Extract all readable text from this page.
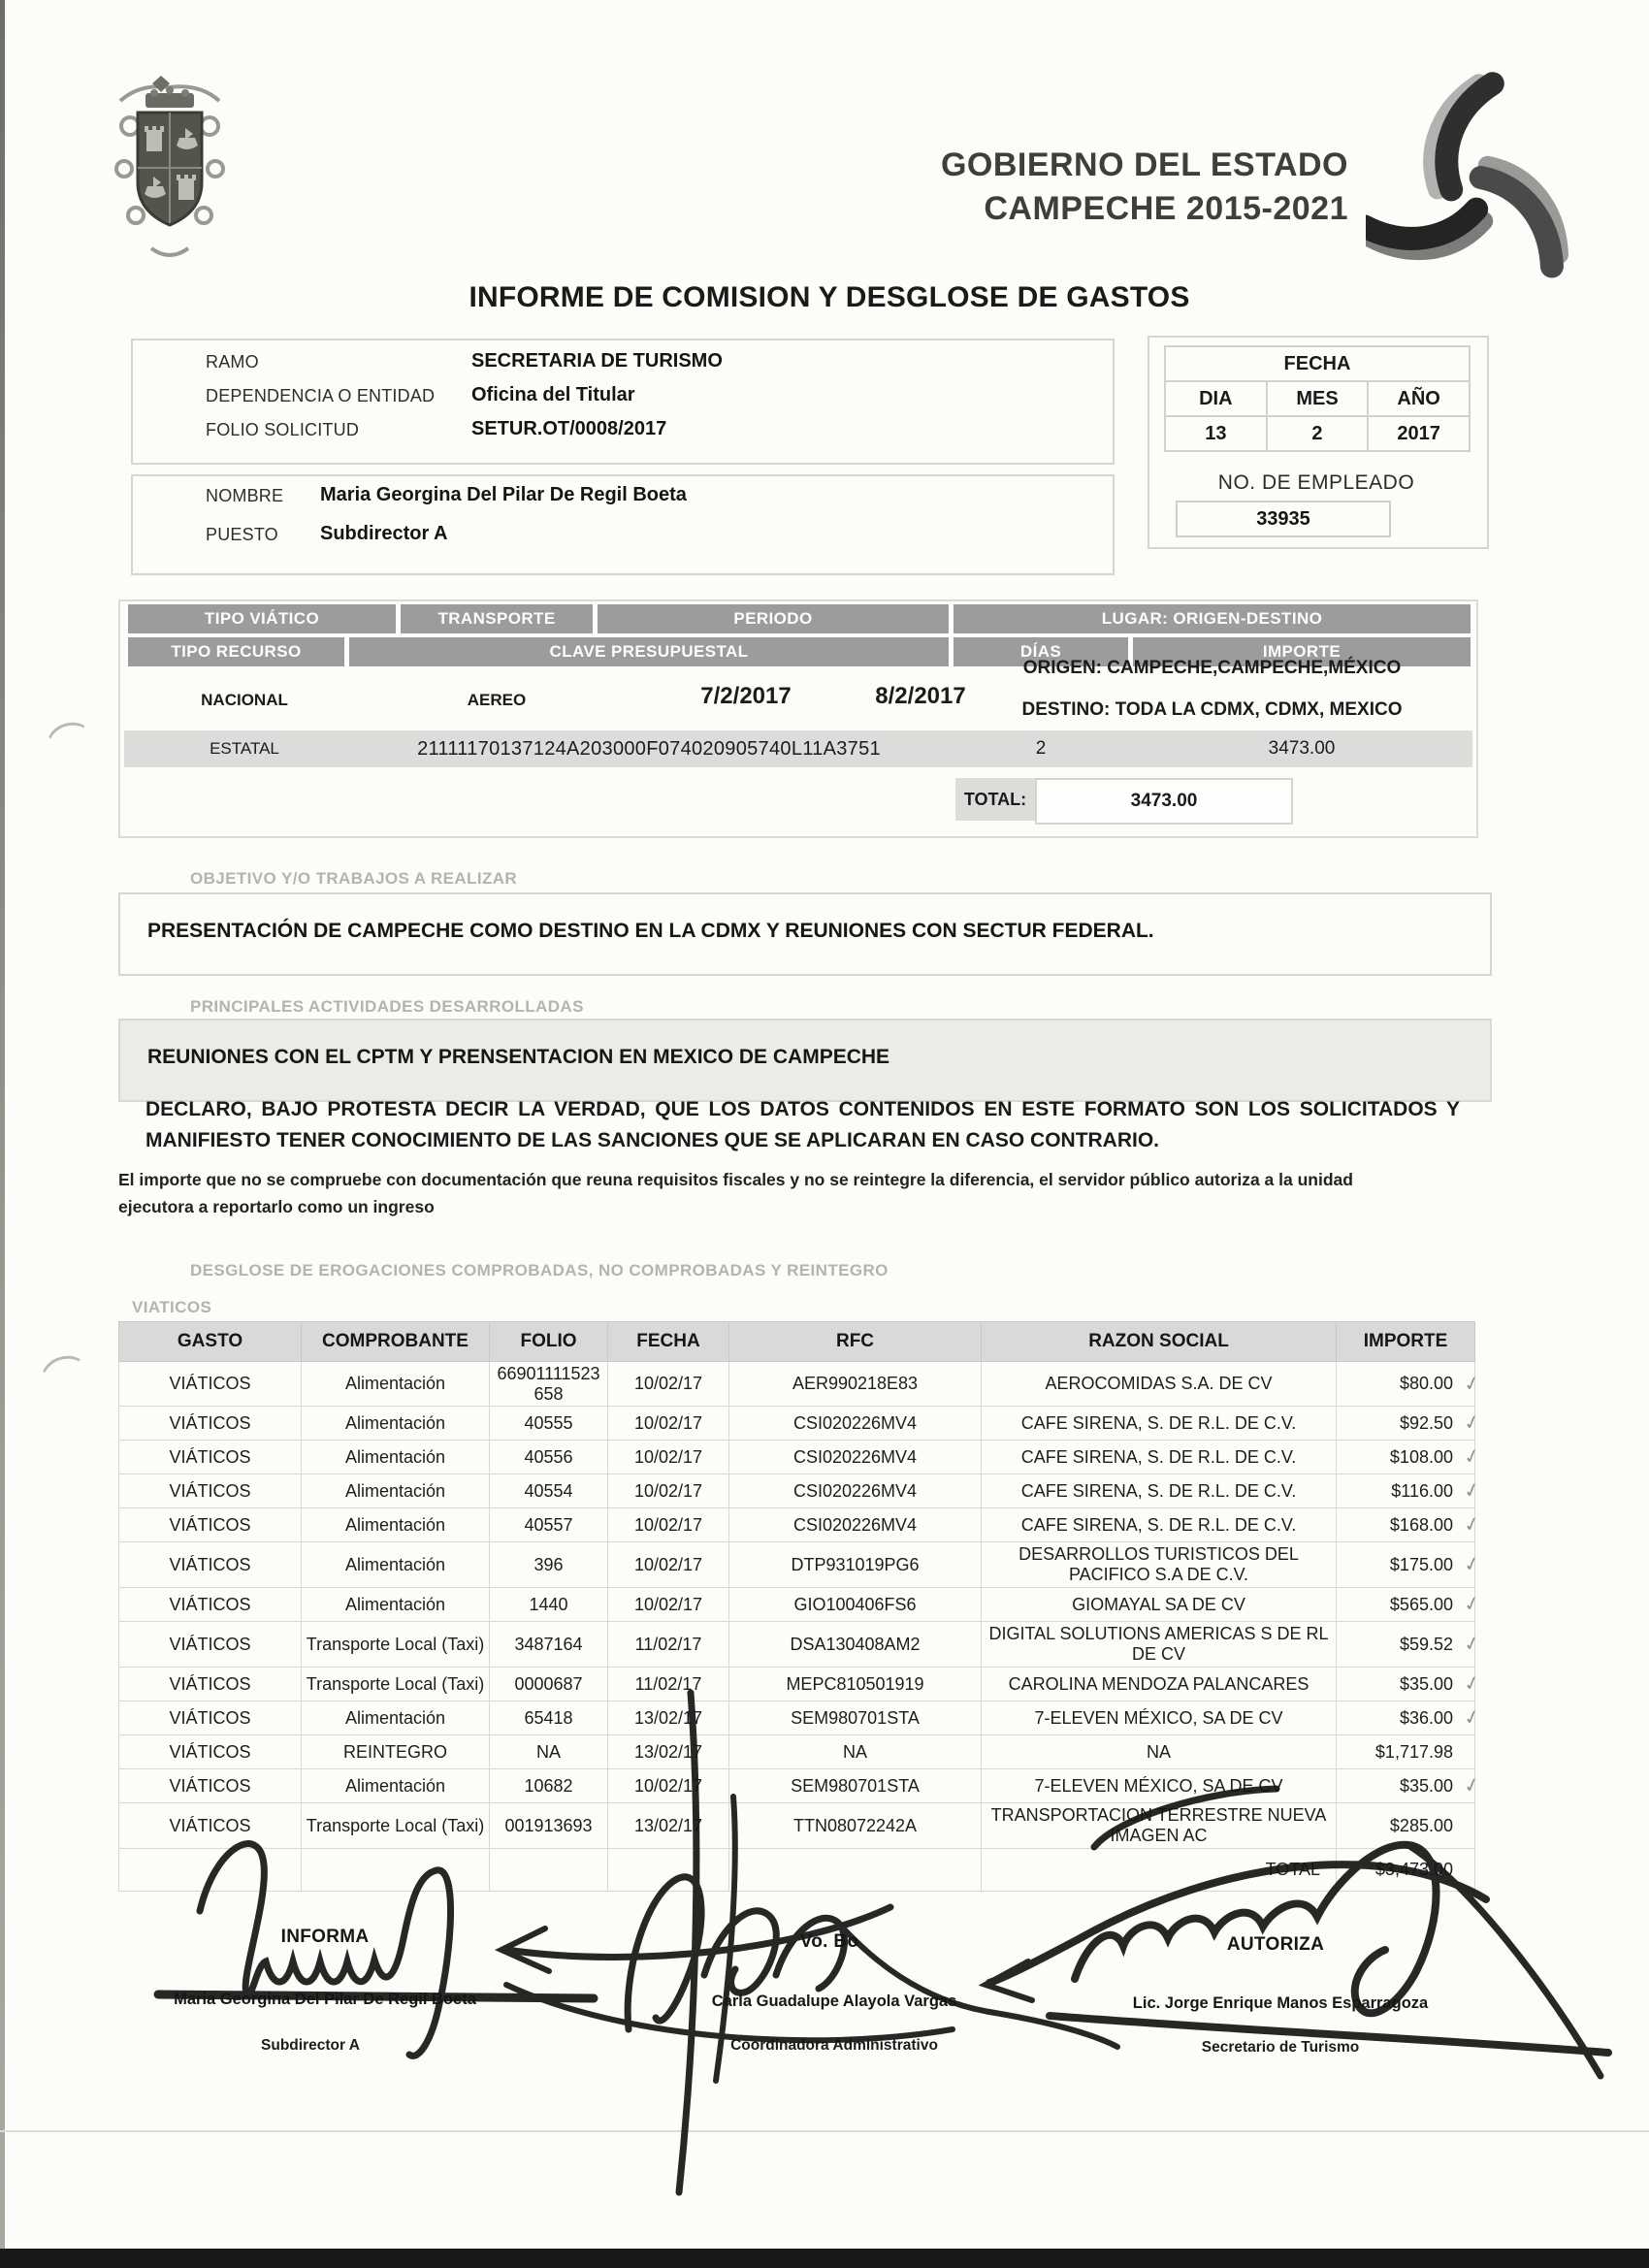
GOBIERNO DEL ESTADO
CAMPECHE 2015-2021
INFORME DE COMISION Y DESGLOSE DE GASTOS
RAMO	SECRETARIA DE TURISMO
DEPENDENCIA O ENTIDAD Oficina del Titular
FOLIO SOLICITUD	SETUR.OT/0008/2017
FECHA		
DIA	MES	AÑO
13	2	2017
NOMBRE Maria Georgina Del Pilar De Regil Boeta
PUESTO Subdirector A
NO. DE EMPLEADO
33935
TIPO VIÁTICO	TRANSPORTE	PERIODO	LUGAR: ORIGEN-DESTINO
TIPO RECURSO	CLAVE PRESUPUESTAL	DÍAS	IMPORTE
NACIONAL	AEREO	7/2/2017	8/2/2017
ORIGEN: CAMPECHE,CAMPECHE,MÉXICO
DESTINO: TODA LA CDMX, CDMX, MEXICO
ESTATAL	21111170137124A203000F074020905740L11A3751	2	3473.00
TOTAL:	3473.00
OBJETIVO Y/O TRABAJOS A REALIZAR
PRESENTACIÓN DE CAMPECHE COMO DESTINO EN LA CDMX Y REUNIONES CON SECTUR FEDERAL.
PRINCIPALES ACTIVIDADES DESARROLLADAS
REUNIONES CON EL CPTM Y PRENSENTACION EN MEXICO DE CAMPECHE
DECLARO, BAJO PROTESTA DECIR LA VERDAD, QUE LOS DATOS CONTENIDOS EN ESTE FORMATO SON LOS SOLICITADOS Y MANIFIESTO TENER CONOCIMIENTO DE LAS SANCIONES QUE SE APLICARAN EN CASO CONTRARIO.
El importe que no se compruebe con documentación que reuna requisitos fiscales y no se reintegre la diferencia, el servidor público autoriza a la unidad ejecutora a reportarlo como un ingreso
DESGLOSE DE EROGACIONES COMPROBADAS, NO COMPROBADAS Y REINTEGRO
VIATICOS
GASTO	COMPROBANTE	FOLIO	FECHA	RFC	RAZON SOCIAL	IMPORTE
VIÁTICOS	Alimentación	66901111523658	10/02/17	AER990218E83	AEROCOMIDAS S.A. DE CV	$80.00 ✓

VIÁTICOS	Alimentación	40555	10/02/17	CSI020226MV4	CAFE SIRENA, S. DE R.L. DE C.V.	$92.50 ✓

VIÁTICOS	Alimentación	40556	10/02/17	CSI020226MV4	CAFE SIRENA, S. DE R.L. DE C.V.	$108.00 ✓

VIÁTICOS	Alimentación	40554	10/02/17	CSI020226MV4	CAFE SIRENA, S. DE R.L. DE C.V.	$116.00 ✓

VIÁTICOS	Alimentación	40557	10/02/17	CSI020226MV4	CAFE SIRENA, S. DE R.L. DE C.V.	$168.00 ✓

VIÁTICOS	Alimentación	396	10/02/17	DTP931019PG6	DESARROLLOS TURISTICOS DEL PACIFICO S.A DE C.V.	$175.00 ✓

VIÁTICOS	Alimentación	1440	10/02/17	GIO100406FS6	GIOMAYAL SA DE CV	$565.00 ✓

VIÁTICOS	Transporte Local (Taxi)	3487164	11/02/17	DSA130408AM2	DIGITAL SOLUTIONS AMERICAS S DE RL DE CV	$59.52 ✓

VIÁTICOS	Transporte Local (Taxi)	0000687	11/02/17	MEPC810501919	CAROLINA MENDOZA PALANCARES	$35.00 ✓

VIÁTICOS	Alimentación	65418	13/02/17	SEM980701STA	7-ELEVEN MÉXICO, SA DE CV	$36.00 ✓

VIÁTICOS	REINTEGRO	NA	13/02/17	NA	NA	$1,717.98

VIÁTICOS	Alimentación	10682	10/02/17	SEM980701STA	7-ELEVEN MÉXICO, SA DE CV	$35.00 ✓

VIÁTICOS	Transporte Local (Taxi)	001913693	13/02/17	TTN08072242A	TRANSPORTACION TERRESTRE NUEVA IMAGEN AC	$285.00

					TOTAL	$3,473.00
INFORMA	Vo. Bo	AUTORIZA
Maria Georgina Del Pilar De Regil Boeta
Subdirector A
Carla Guadalupe Alayola Vargas
Coordinadora Administrativo
Lic. Jorge Enrique Manos Esparragoza
Secretario de Turismo
